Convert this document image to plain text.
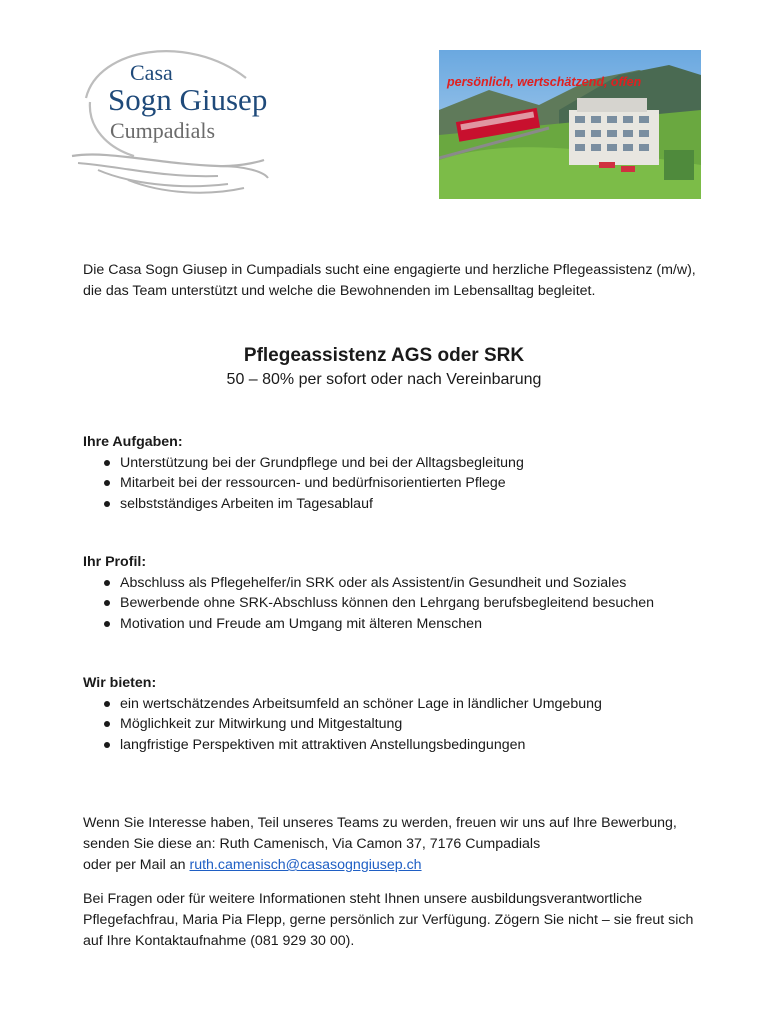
Casa
Sogn Giusep
Cumpadials
persönlich, wertschätzend, offen
Die Casa Sogn Giusep in Cumpadials sucht eine engagierte und herzliche Pflegeassistenz (m/w),
die das Team unterstützt und welche die Bewohnenden im Lebensalltag begleitet.
Pflegeassistenz AGS oder SRK
50 – 80% per sofort oder nach Vereinbarung
Ihre Aufgaben:
Unterstützung bei der Grundpflege und bei der Alltagsbegleitung
Mitarbeit bei der ressourcen- und bedürfnisorientierten Pflege
selbstständiges Arbeiten im Tagesablauf
Ihr Profil:
Abschluss als Pflegehelfer/in SRK oder als Assistent/in Gesundheit und Soziales
Bewerbende ohne SRK-Abschluss können den Lehrgang berufsbegleitend besuchen
Motivation und Freude am Umgang mit älteren Menschen
Wir bieten:
ein wertschätzendes Arbeitsumfeld an schöner Lage in ländlicher Umgebung
Möglichkeit zur Mitwirkung und Mitgestaltung
langfristige Perspektiven mit attraktiven Anstellungsbedingungen
Wenn Sie Interesse haben, Teil unseres Teams zu werden, freuen wir uns auf Ihre Bewerbung,
senden Sie diese an: Ruth Camenisch, Via Camon 37, 7176 Cumpadials
oder per Mail an ruth.camenisch@casasogngiusep.ch
Bei Fragen oder für weitere Informationen steht Ihnen unsere ausbildungsverantwortliche
Pflegefachfrau, Maria Pia Flepp, gerne persönlich zur Verfügung. Zögern Sie nicht – sie freut sich
auf Ihre Kontaktaufnahme (081 929 30 00).
